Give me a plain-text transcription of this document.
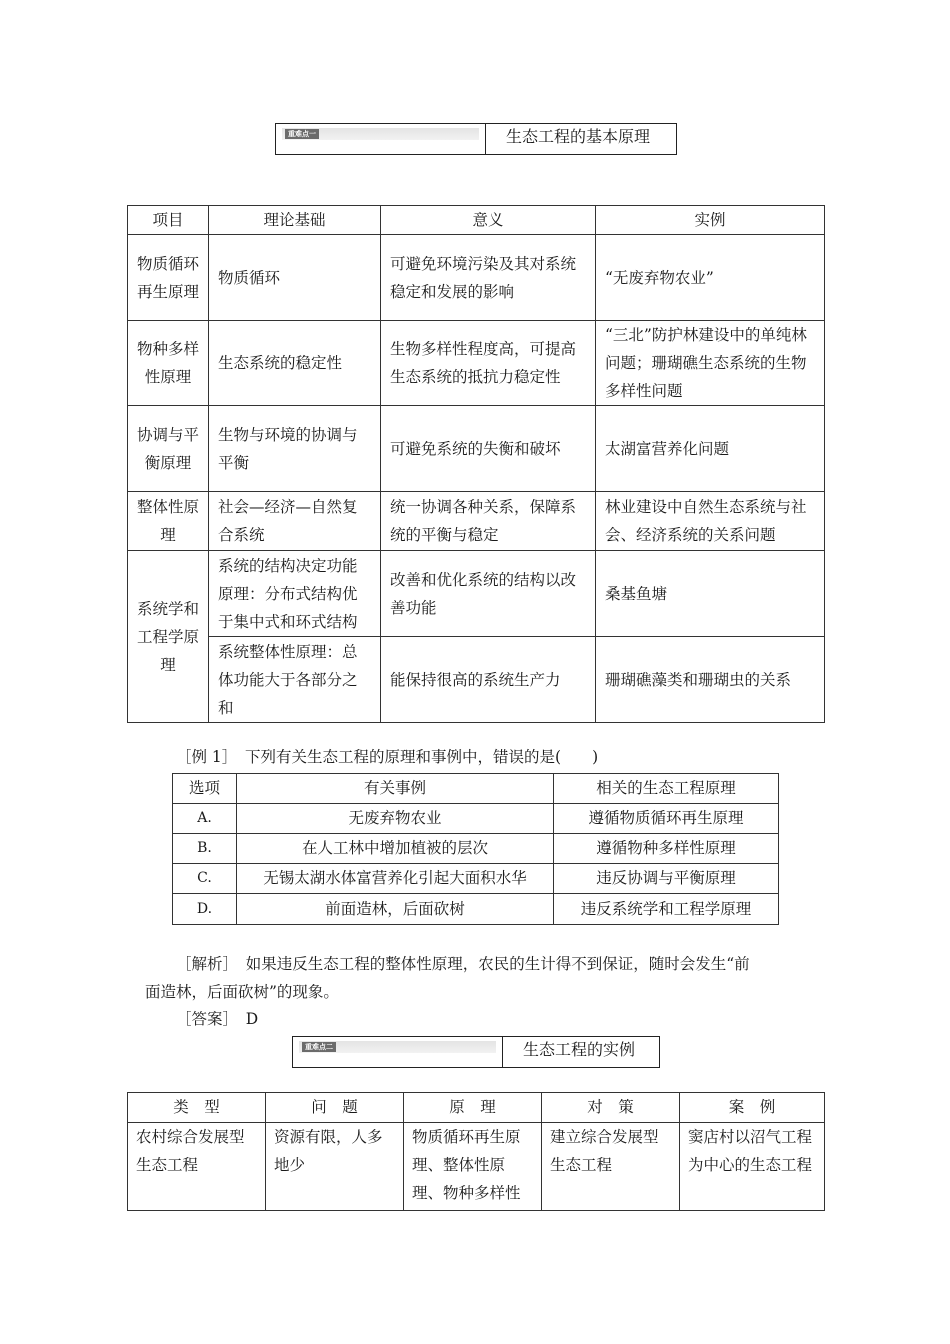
重难点一	生态工程的基本原理
项目	理论基础	意义	实例
物质循环再生原理	物质循环	可避免环境污染及其对系统稳定和发展的影响	“无废弃物农业”
物种多样性原理	生态系统的稳定性	生物多样性程度高，可提高生态系统的抵抗力稳定性	“三北”防护林建设中的单纯林问题；珊瑚礁生态系统的生物多样性问题
协调与平衡原理	生物与环境的协调与平衡	可避免系统的失衡和破坏	太湖富营养化问题
整体性原理	社会—经济—自然复合系统	统一协调各种关系，保障系统的平衡与稳定	林业建设中自然生态系统与社会、经济系统的关系问题
系统学和工程学原理	系统的结构决定功能原理：分布式结构优于集中式和环式结构	改善和优化系统的结构以改善功能	桑基鱼塘
	系统整体性原理：总体功能大于各部分之和	能保持很高的系统生产力	珊瑚礁藻类和珊瑚虫的关系
［例 1］　下列有关生态工程的原理和事例中，错误的是(　　)
选项	有关事例	相关的生态工程原理
A.	无废弃物农业	遵循物质循环再生原理
B.	在人工林中增加植被的层次	遵循物种多样性原理
C.	无锡太湖水体富营养化引起大面积水华	违反协调与平衡原理
D.	前面造林，后面砍树	违反系统学和工程学原理
［解析］　如果违反生态工程的整体性原理，农民的生计得不到保证，随时会发生“前
面造林，后面砍树”的现象。
［答案］　D
重难点二	生态工程的实例
类　型	问　题	原　理	对　策	案　例
农村综合发展型生态工程	资源有限，人多地少	物质循环再生原理、整体性原理、物种多样性	建立综合发展型生态工程	窦店村以沼气工程为中心的生态工程
